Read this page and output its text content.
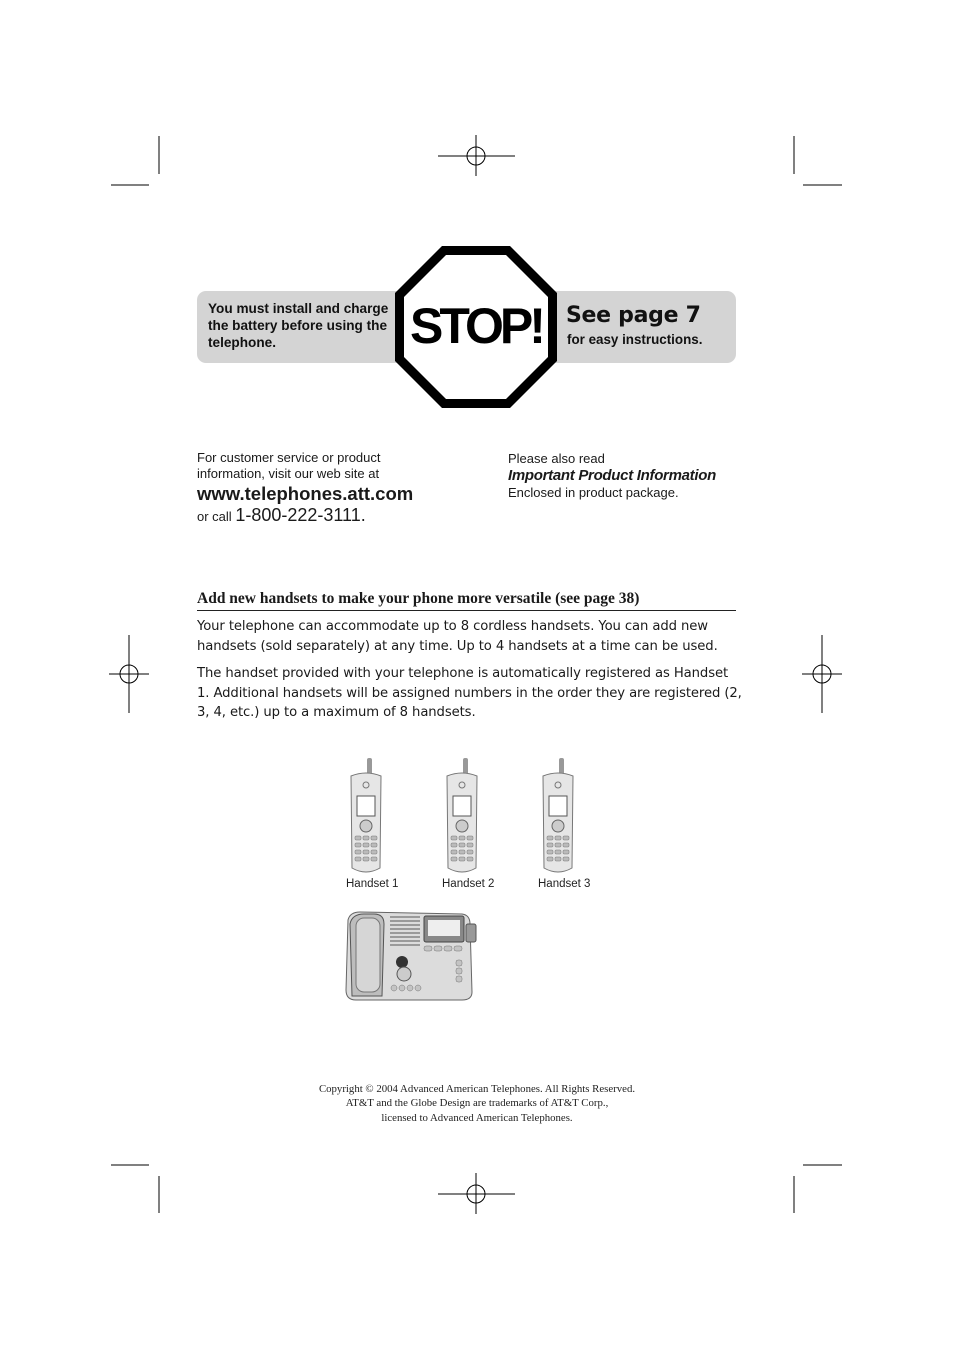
You must install and charge the battery before using the telephone.
See page 7
for easy instructions.
STOP!
For customer service or product
information, visit our web site at
www.telephones.att.com
or call 1-800-222-3111.
Please also read
Important Product Information
Enclosed in product package.
Add new handsets to make your phone more versatile (see page 38)
Your telephone can accommodate up to 8 cordless handsets. You can add new handsets (sold separately) at any time. Up to 4 handsets at a time can be used.
The handset provided with your telephone is automatically registered as Handset 1. Additional handsets will be assigned numbers in the order they are registered (2, 3, 4, etc.) up to a maximum of 8 handsets.
Handset 1	Handset 2	Handset 3
Copyright © 2004 Advanced American Telephones. All Rights Reserved.
AT&T and the Globe Design are trademarks of AT&T Corp.,
licensed to Advanced American Telephones.
